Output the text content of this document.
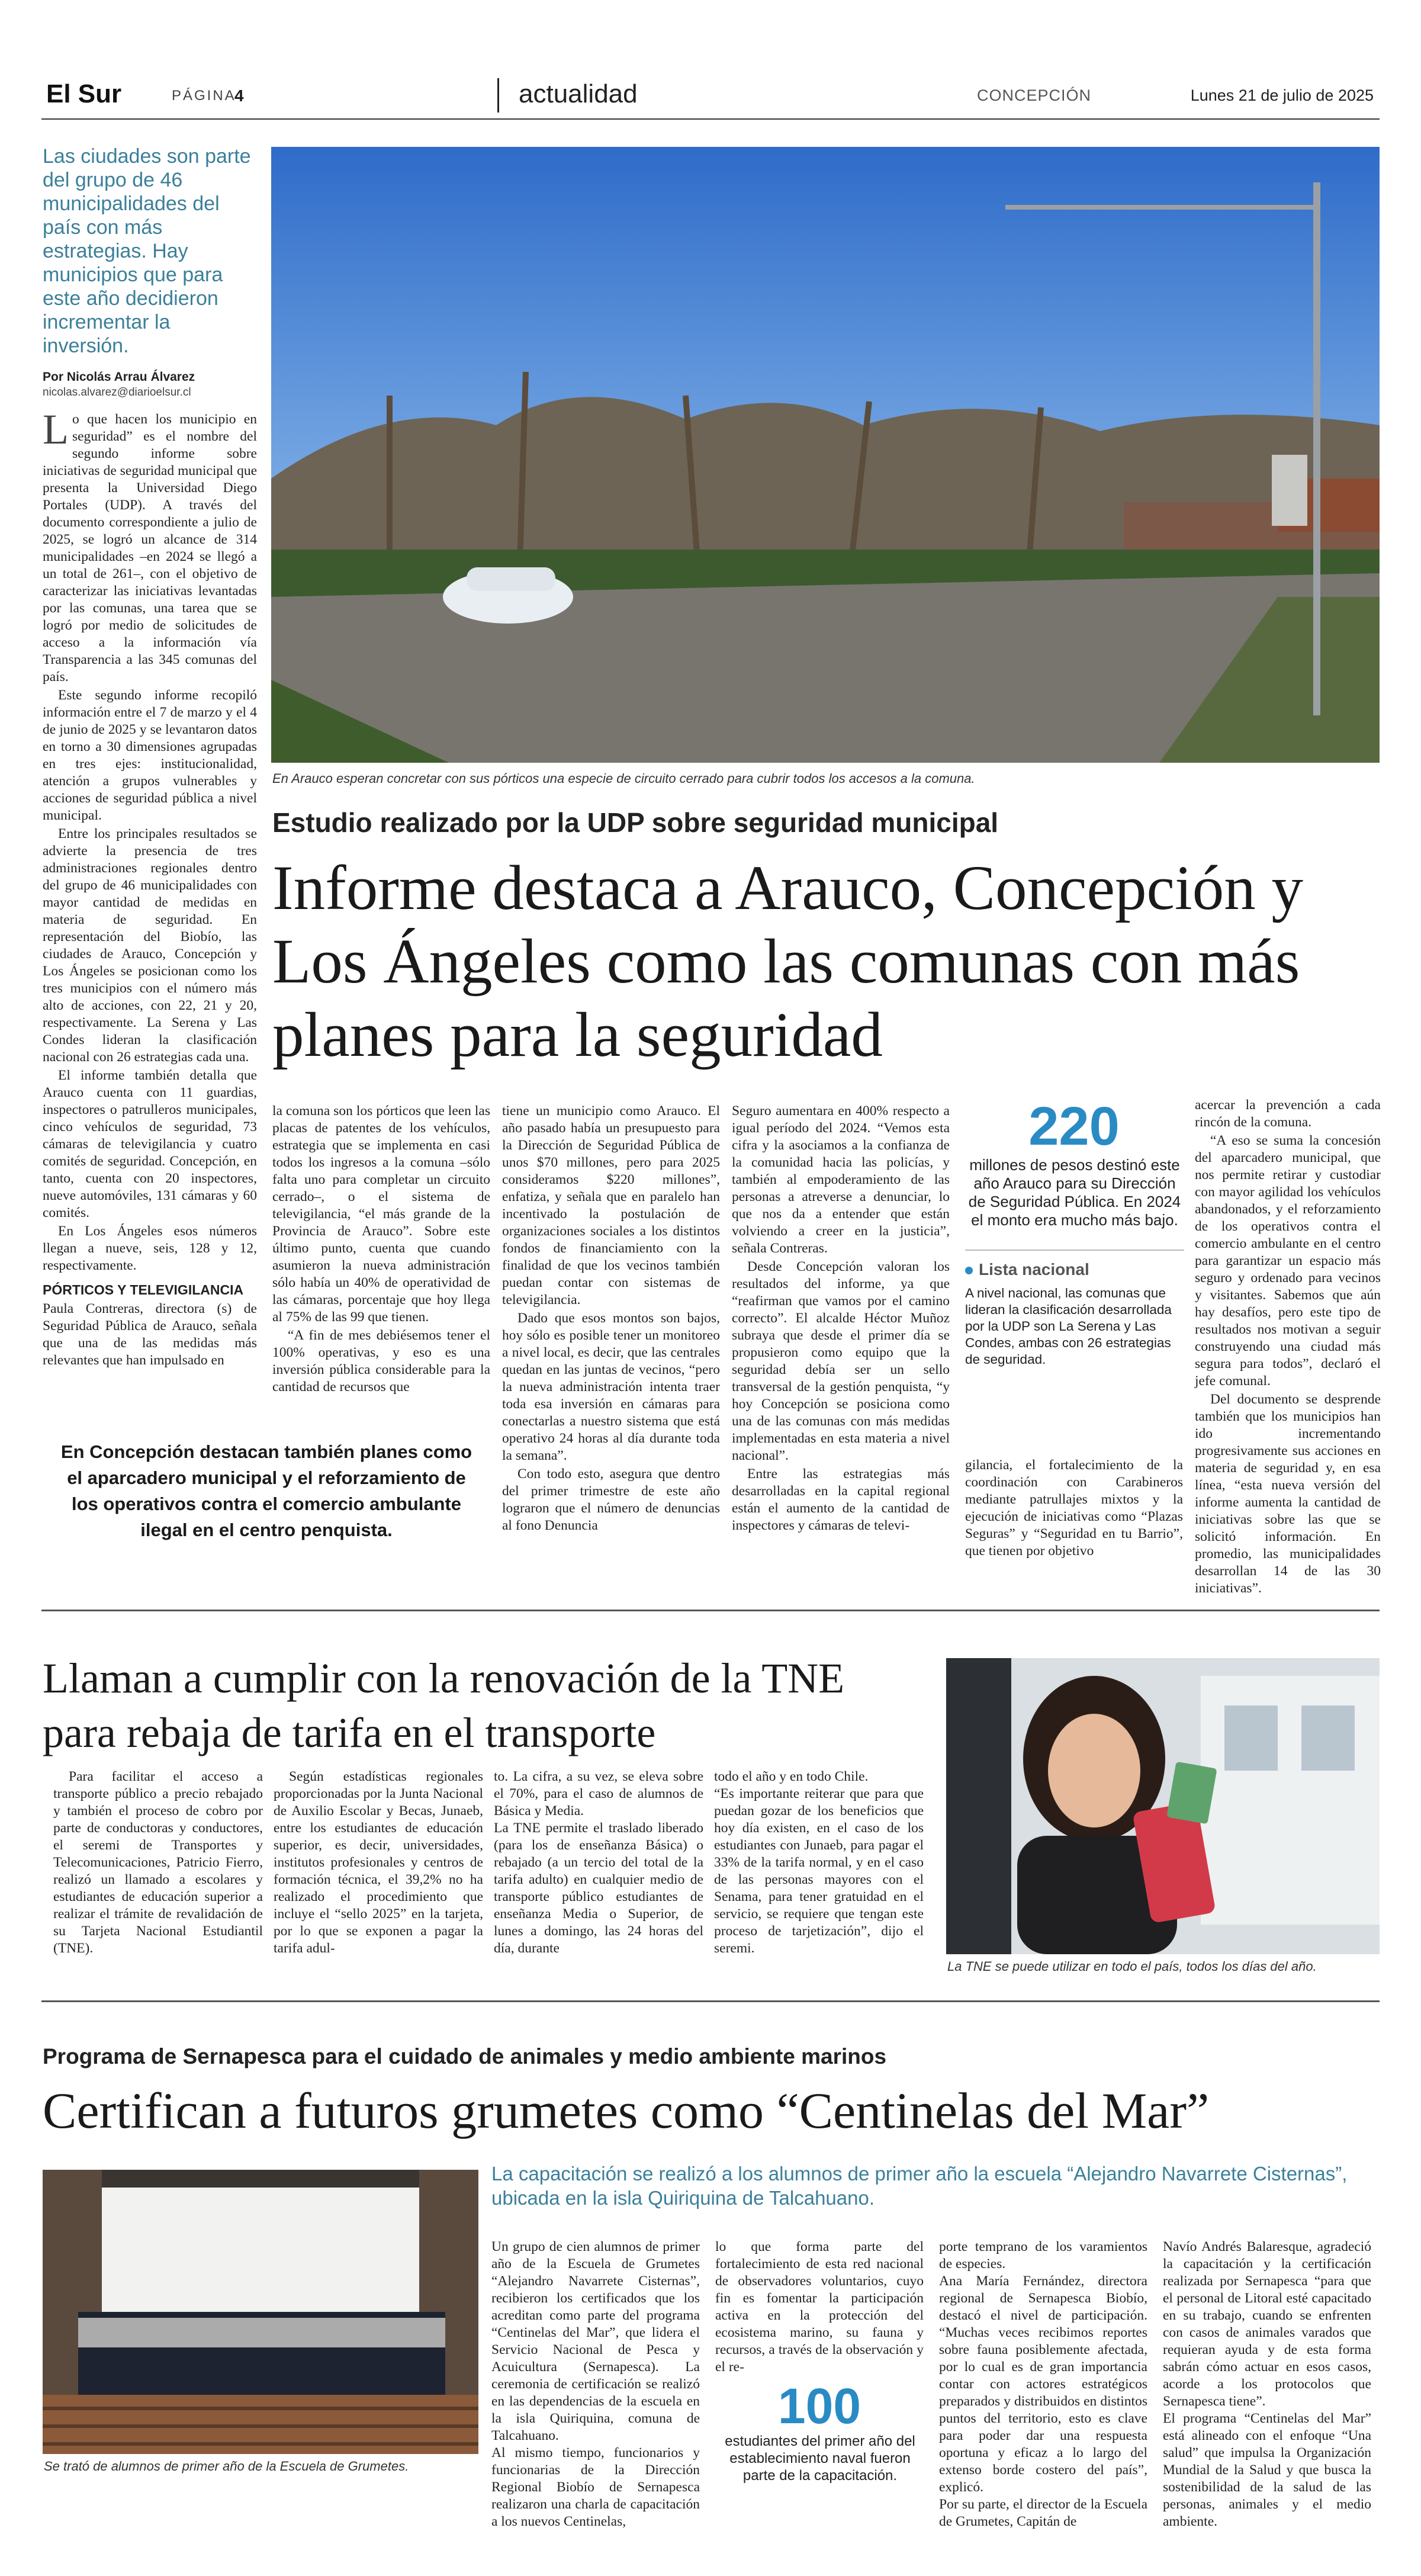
El Sur	PÁGINA
4	actualidad	CONCEPCIÓN	Lunes 21 de julio de 2025
Las ciudades son parte del grupo de 46 municipalidades del país con más estrategias. Hay municipios que para este año decidieron incrementar la inversión.
Por Nicolás Arrau Álvarez
nicolas.alvarez@diarioelsur.cl
En Arauco esperan concretar con sus pórticos una especie de circuito cerrado para cubrir todos los accesos a la comuna.
Estudio realizado por la UDP sobre seguridad municipal
Informe destaca a Arauco, Concepción y Los Ángeles como las comunas con más planes para la seguridad

Lo que hacen los municipio en seguridad” es el nombre del segundo informe sobre iniciativas de seguridad municipal que presenta la Universidad Diego Portales (UDP). A través del documento correspondiente a julio de 2025, se logró un alcance de 314 municipalidades –en 2024 se llegó a un total de 261–, con el objetivo de caracterizar las iniciativas levantadas por las comunas, una tarea que se logró por medio de solicitudes de acceso a la información vía Transparencia a las 345 comunas del país.

Este segundo informe recopiló información entre el 7 de marzo y el 4 de junio de 2025 y se levantaron datos en torno a 30 dimensiones agrupadas en tres ejes: institucionalidad, atención a grupos vulnerables y acciones de seguridad pública a nivel municipal.

Entre los principales resultados se advierte la presencia de tres administraciones regionales dentro del grupo de 46 municipalidades con mayor cantidad de medidas en materia de seguridad. En representación del Biobío, las ciudades de Arauco, Concepción y Los Ángeles se posicionan como los tres municipios con el número más alto de acciones, con 22, 21 y 20, respectivamente. La Serena y Las Condes lideran la clasificación nacional con 26 estrategias cada una.

El informe también detalla que Arauco cuenta con 11 guardias, inspectores o patrulleros municipales, cinco vehículos de seguridad, 73 cámaras de televigilancia y cuatro comités de seguridad. Concepción, en tanto, cuenta con 20 inspectores, nueve automóviles, 131 cámaras y 60 comités.

En Los Ángeles esos números llegan a nueve, seis, 128 y 12, respectivamente.

PÓRTICOS Y TELEVIGILANCIA

Paula Contreras, directora (s) de Seguridad Pública de Arauco, señala que una de las medidas más relevantes que han impulsado en

En Concepción destacan también planes como el aparcadero municipal y el reforzamiento de los operativos contra el comercio ambulante ilegal en el centro penquista.

la comuna son los pórticos que leen las placas de patentes de los vehículos, estrategia que se implementa en casi todos los ingresos a la comuna –sólo falta uno para completar un circuito cerrado–, o el sistema de televigilancia, “el más grande de la Provincia de Arauco”. Sobre este último punto, cuenta que cuando asumieron la nueva administración sólo había un 40% de operatividad de las cámaras, porcentaje que hoy llega al 75% de las 99 que tienen.

“A fin de mes debiésemos tener el 100% operativas, y eso es una inversión pública considerable para la cantidad de recursos que

tiene un municipio como Arauco. El año pasado había un presupuesto para la Dirección de Seguridad Pública de unos $70 millones, pero para 2025 consideramos $220 millones”, enfatiza, y señala que en paralelo han incentivado la postulación de organizaciones sociales a los distintos fondos de financiamiento con la finalidad de que los vecinos también puedan contar con sistemas de televigilancia.

Dado que esos montos son bajos, hoy sólo es posible tener un monitoreo a nivel local, es decir, que las centrales quedan en las juntas de vecinos, “pero la nueva administración intenta traer toda esa inversión en cámaras para conectarlas a nuestro sistema que está operativo 24 horas al día durante toda la semana”.

Con todo esto, asegura que dentro del primer trimestre de este año lograron que el número de denuncias al fono Denuncia

Seguro aumentara en 400% respecto a igual período del 2024. “Vemos esta cifra y la asociamos a la confianza de la comunidad hacia las policías, y también al empoderamiento de las personas a atreverse a denunciar, lo que nos da a entender que están volviendo a creer en la justicia”, señala Contreras.

Desde Concepción valoran los resultados del informe, ya que “reafirman que vamos por el camino correcto”. El alcalde Héctor Muñoz subraya que desde el primer día se propusieron como equipo que la seguridad debía ser un sello transversal de la gestión penquista, “y hoy Concepción se posiciona como una de las comunas con más medidas implementadas en esta materia a nivel nacional”.

Entre las estrategias más desarrolladas en la capital regional están el aumento de la cantidad de inspectores y cámaras de televi-

220
millones de pesos destinó este año Arauco para su Dirección de Seguridad Pública. En 2024 el monto era mucho más bajo.
Lista nacional
A nivel nacional, las comunas que lideran la clasificación desarrollada por la UDP son La Serena y Las Condes, ambas con 26 estrategias de seguridad.

gilancia, el fortalecimiento de la coordinación con Carabineros mediante patrullajes mixtos y la ejecución de iniciativas como “Plazas Seguras” y “Seguridad en tu Barrio”, que tienen por objetivo

acercar la prevención a cada rincón de la comuna.

“A eso se suma la concesión del aparcadero municipal, que nos permite retirar y custodiar con mayor agilidad los vehículos abandonados, y el reforzamiento de los operativos contra el comercio ambulante en el centro para garantizar un espacio más seguro y ordenado para vecinos y visitantes. Sabemos que aún hay desafíos, pero este tipo de resultados nos motivan a seguir construyendo una ciudad más segura para todos”, declaró el jefe comunal.

Del documento se desprende también que los municipios han ido incrementando progresivamente sus acciones en materia de seguridad y, en esa línea, “esta nueva versión del informe aumenta la cantidad de iniciativas sobre las que se solicitó información. En promedio, las municipalidades desarrollan 14 de las 30 iniciativas”.

Llaman a cumplir con la renovación de la TNE para rebaja de tarifa en el transporte
Para facilitar el acceso a transporte público a precio rebajado y también el proceso de cobro por parte de conductoras y conductores, el seremi de Transportes y Telecomunicaciones, Patricio Fierro, realizó un llamado a escolares y estudiantes de educación superior a realizar el trámite de revalidación de su Tarjeta Nacional Estudiantil (TNE).
Según estadísticas regionales proporcionadas por la Junta Nacional de Auxilio Escolar y Becas, Junaeb, entre los estudiantes de educación superior, es decir, universidades, institutos profesionales y centros de formación técnica, el 39,2% no ha realizado el procedimiento que incluye el “sello 2025” en la tarjeta, por lo que se exponen a pagar la tarifa adul-
to. La cifra, a su vez, se eleva sobre el 70%, para el caso de alumnos de Básica y Media.
La TNE permite el traslado liberado (para los de enseñanza Básica) o rebajado (a un tercio del total de la tarifa adulto) en cualquier medio de transporte público estudiantes de enseñanza Media o Superior, de lunes a domingo, las 24 horas del día, durante
todo el año y en todo Chile.
“Es importante reiterar que para que puedan gozar de los beneficios que hoy día existen, en el caso de los estudiantes con Junaeb, para pagar el 33% de la tarifa normal, y en el caso de las personas mayores con el Senama, para tener gratuidad en el servicio, se requiere que tengan este proceso de tarjetización”, dijo el seremi.
La TNE se puede utilizar en todo el país, todos los días del año.
Programa de Sernapesca para el cuidado de animales y medio ambiente marinos
Certifican a futuros grumetes como “Centinelas del Mar”
La capacitación se realizó a los alumnos de primer año la escuela “Alejandro Navarrete Cisternas”, ubicada en la isla Quiriquina de Talcahuano.
Se trató de alumnos de primer año de la Escuela de Grumetes.
Un grupo de cien alumnos de primer año de la Escuela de Grumetes “Alejandro Navarrete Cisternas”, recibieron los certificados que los acreditan como parte del programa “Centinelas del Mar”, que lidera el Servicio Nacional de Pesca y Acuicultura (Sernapesca). La ceremonia de certificación se realizó en las dependencias de la escuela en la isla Quiriquina, comuna de Talcahuano.
Al mismo tiempo, funcionarios y funcionarias de la Dirección Regional Biobío de Sernapesca realizaron una charla de capacitación a los nuevos Centinelas,
lo que forma parte del fortalecimiento de esta red nacional de observadores voluntarios, cuyo fin es fomentar la participación activa en la protección del ecosistema marino, su fauna y recursos, a través de la observación y el re-
100
estudiantes del primer año del establecimiento naval fueron parte de la capacitación.
porte temprano de los varamientos de especies.
Ana María Fernández, directora regional de Sernapesca Biobío, destacó el nivel de participación. “Muchas veces recibimos reportes sobre fauna posiblemente afectada, por lo cual es de gran importancia contar con actores estratégicos preparados y distribuidos en distintos puntos del territorio, esto es clave para poder dar una respuesta oportuna y eficaz a lo largo del extenso borde costero del país”, explicó.
Por su parte, el director de la Escuela de Grumetes, Capitán de
Navío Andrés Balaresque, agradeció la capacitación y la certificación realizada por Sernapesca “para que el personal de Litoral esté capacitado en su trabajo, cuando se enfrenten con casos de animales varados que requieran ayuda y de esta forma sabrán cómo actuar en esos casos, acorde a los protocolos que Sernapesca tiene”.
El programa “Centinelas del Mar” está alineado con el enfoque “Una salud” que impulsa la Organización Mundial de la Salud y que busca la sostenibilidad de la salud de las personas, animales y el medio ambiente.
